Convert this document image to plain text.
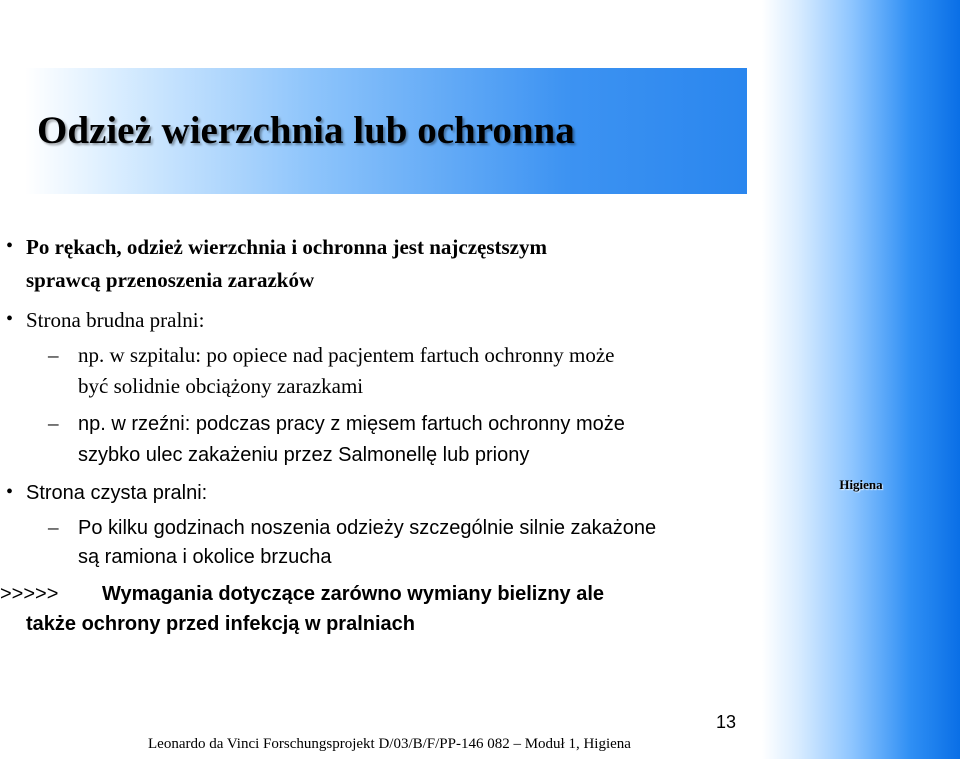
Higiena
Odzież wierzchnia lub ochronna
• Po rękach, odzież wierzchnia i ochronna jest najczęstszym
sprawcą przenoszenia zarazków
• Strona brudna pralni:
– np. w szpitalu: po opiece nad pacjentem fartuch ochronny może
być solidnie obciążony zarazkami
– np. w rzeźni: podczas pracy z mięsem fartuch ochronny może
szybko ulec zakażeniu przez Salmonellę lub priony
• Strona czysta pralni:
– Po kilku godzinach noszenia odzieży szczególnie silnie zakażone
są ramiona i okolice brzucha
>>>>> Wymagania dotyczące zarówno wymiany bielizny ale
także ochrony przed infekcją w pralniach
13
Leonardo da Vinci Forschungsprojekt D/03/B/F/PP-146 082 – Moduł 1, Higiena
